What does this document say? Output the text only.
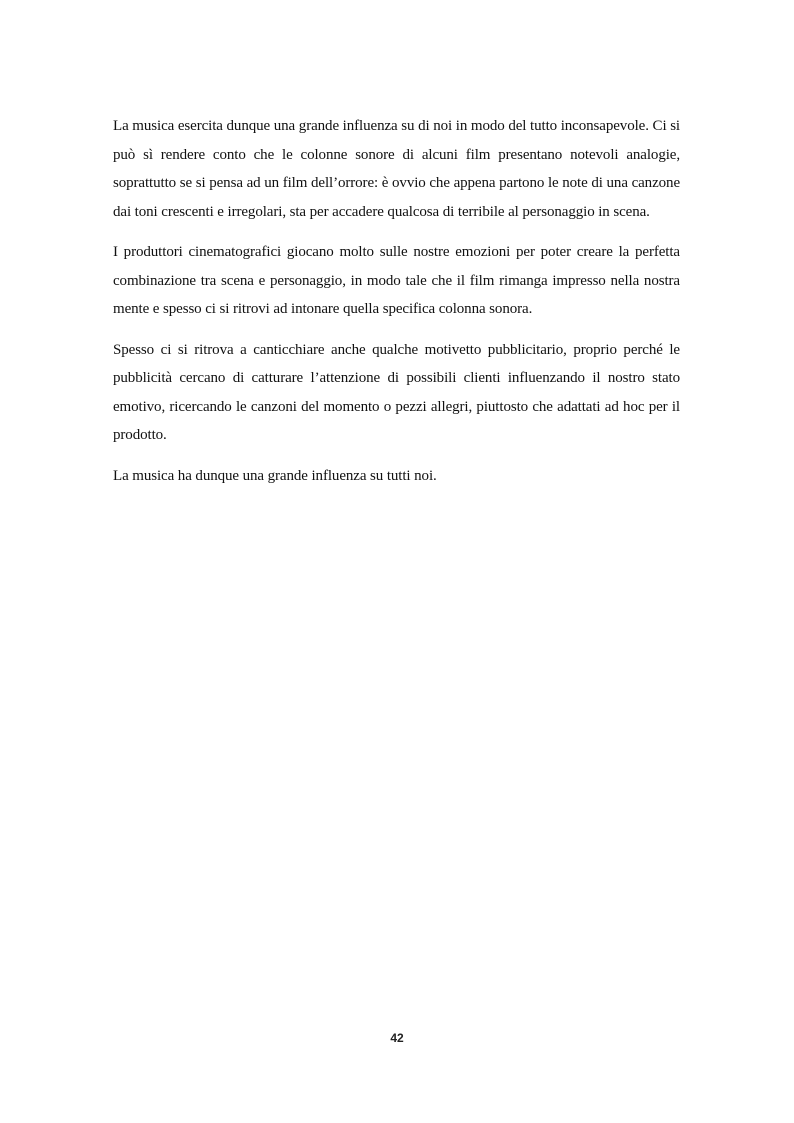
La musica esercita dunque una grande influenza su di noi in modo del tutto inconsapevole. Ci si può sì rendere conto che le colonne sonore di alcuni film presentano notevoli analogie, soprattutto se si pensa ad un film dell’orrore: è ovvio che appena partono le note di una canzone dai toni crescenti e irregolari, sta per accadere qualcosa di terribile al personaggio in scena.

I produttori cinematografici giocano molto sulle nostre emozioni per poter creare la perfetta combinazione tra scena e personaggio, in modo tale che il film rimanga impresso nella nostra mente e spesso ci si ritrovi ad intonare quella specifica colonna sonora.

Spesso ci si ritrova a canticchiare anche qualche motivetto pubblicitario, proprio perché le pubblicità cercano di catturare l’attenzione di possibili clienti influenzando il nostro stato emotivo, ricercando le canzoni del momento o pezzi allegri, piuttosto che adattati ad hoc per il prodotto.

La musica ha dunque una grande influenza su tutti noi.

42
